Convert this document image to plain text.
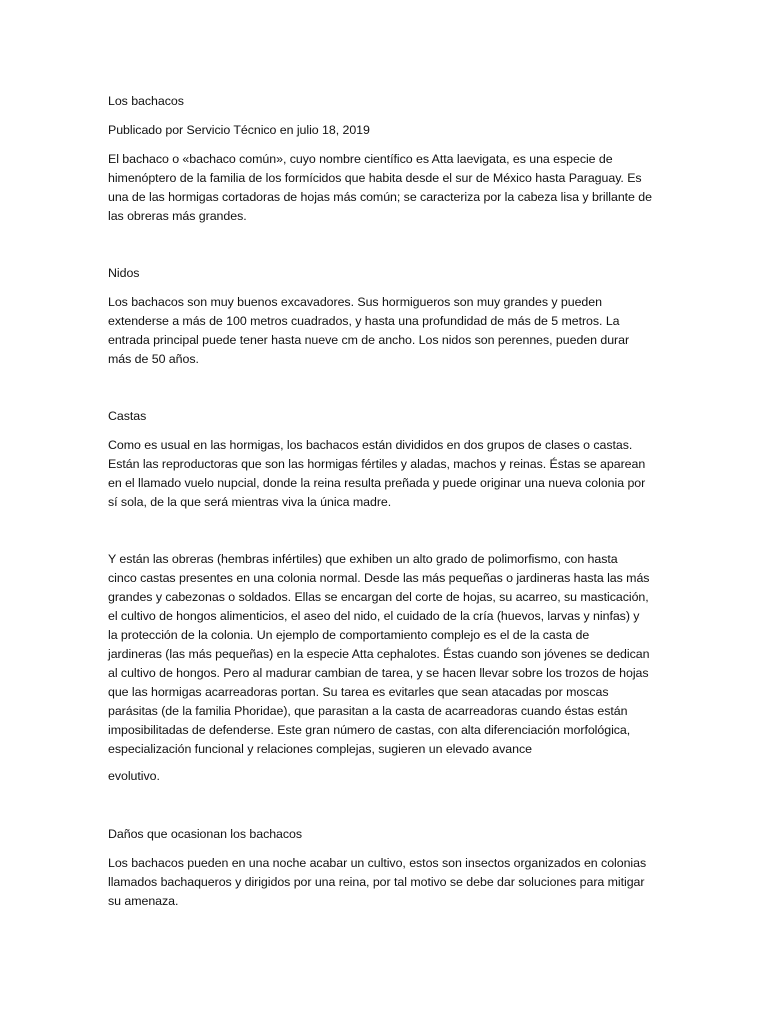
Los bachacos
Publicado por Servicio Técnico en julio 18, 2019
El bachaco o «bachaco común», cuyo nombre científico es Atta laevigata, es una especie de
himenóptero de la familia de los formícidos que habita desde el sur de México hasta Paraguay. Es
una de las hormigas cortadoras de hojas más común; se caracteriza por la cabeza lisa y brillante de
las obreras más grandes.
Nidos
Los bachacos son muy buenos excavadores. Sus hormigueros son muy grandes y pueden
extenderse a más de 100 metros cuadrados, y hasta una profundidad de más de 5 metros. La
entrada principal puede tener hasta nueve cm de ancho. Los nidos son perennes, pueden durar
más de 50 años.
Castas
Como es usual en las hormigas, los bachacos están divididos en dos grupos de clases o castas.
Están las reproductoras que son las hormigas fértiles y aladas, machos y reinas. Éstas se aparean
en el llamado vuelo nupcial, donde la reina resulta preñada y puede originar una nueva colonia por
sí sola, de la que será mientras viva la única madre.
Y están las obreras (hembras infértiles) que exhiben un alto grado de polimorfismo, con hasta
cinco castas presentes en una colonia normal. Desde las más pequeñas o jardineras hasta las más
grandes y cabezonas o soldados. Ellas se encargan del corte de hojas, su acarreo, su masticación,
el cultivo de hongos alimenticios, el aseo del nido, el cuidado de la cría (huevos, larvas y ninfas) y
la protección de la colonia. Un ejemplo de comportamiento complejo es el de la casta de
jardineras (las más pequeñas) en la especie Atta cephalotes. Éstas cuando son jóvenes se dedican
al cultivo de hongos. Pero al madurar cambian de tarea, y se hacen llevar sobre los trozos de hojas
que las hormigas acarreadoras portan. Su tarea es evitarles que sean atacadas por moscas
parásitas (de la familia Phoridae), que parasitan a la casta de acarreadoras cuando éstas están
imposibilitadas de defenderse. Este gran número de castas, con alta diferenciación morfológica,
especialización funcional y relaciones complejas, sugieren un elevado avance
evolutivo.
Daños que ocasionan los bachacos
Los bachacos pueden en una noche acabar un cultivo, estos son insectos organizados en colonias
llamados bachaqueros y dirigidos por una reina, por tal motivo se debe dar soluciones para mitigar
su amenaza.
